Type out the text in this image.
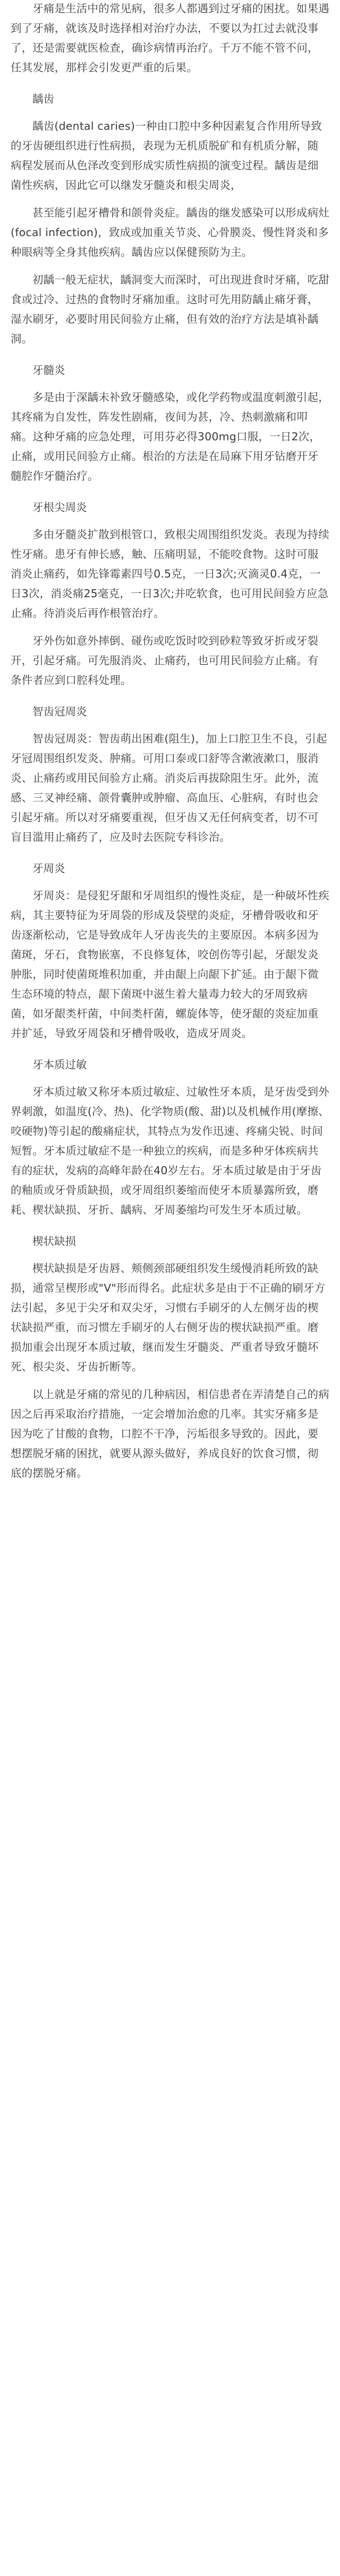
牙痛是生活中的常见病，很多人都遇到过牙痛的困扰。如果遇到了牙痛，就该及时选择相对治疗办法，不要以为扛过去就没事了，还是需要就医检查，确诊病情再治疗。千万不能不管不问，任其发展，那样会引发更严重的后果。

龋齿

龋齿(dental caries)一种由口腔中多种因素复合作用所导致的牙齿硬组织进行性病损，表现为无机质脱矿和有机质分解，随病程发展而从色泽改变到形成实质性病损的演变过程。龋齿是细菌性疾病，因此它可以继发牙髓炎和根尖周炎，

甚至能引起牙槽骨和颌骨炎症。龋齿的继发感染可以形成病灶(focal infection)，致成或加重关节炎、心骨膜炎、慢性肾炎和多种眼病等全身其他疾病。龋齿应以保健预防为主。

初龋一般无症状，龋洞变大而深时，可出现进食时牙痛，吃甜食或过冷、过热的食物时牙痛加重。这时可先用防龋止痛牙膏，湿水刷牙，必要时用民间验方止痛，但有效的治疗方法是填补龋洞。

牙髓炎

多是由于深龋未补致牙髓感染，或化学药物或温度刺激引起，其疼痛为自发性，阵发性剧痛，夜间为甚，冷、热刺激痛和叩痛。这种牙痛的应急处理，可用芬必得300mg口服，一日2次，止痛，或用民间验方止痛。根治的方法是在局麻下用牙钻磨开牙髓腔作牙髓治疗。

牙根尖周炎

多由牙髓炎扩散到根管口，致根尖周围组织发炎。表现为持续性牙痛。患牙有伸长感，触、压痛明显，不能咬食物。这时可服消炎止痛药，如先锋霉素四号0.5克，一日3次;灭滴灵0.4克，一日3次，消炎痛25毫克，一日3次;并吃软食，也可用民间验方应急止痛。待消炎后再作根管治疗。

牙外伤如意外摔倒、碰伤或吃饭时咬到砂粒等致牙折或牙裂开，引起牙痛。可先服消炎、止痛药，也可用民间验方止痛。有条件者应到口腔科处理。

智齿冠周炎

智齿冠周炎：智齿萌出困难(阻生)，加上口腔卫生不良，引起牙冠周围组织发炎、肿痛。可用口泰或口舒等含漱液漱口，服消炎、止痛药或用民间验方止痛。消炎后再拔除阻生牙。此外，流感、三叉神经痛、颌骨囊肿或肿瘤、高血压、心脏病，有时也会引起牙痛。所以对牙痛要重视，但牙齿又无任何病变者，切不可盲目滥用止痛药了，应及时去医院专科诊治。

牙周炎

牙周炎：是侵犯牙龈和牙周组织的慢性炎症，是一种破坏性疾病，其主要特征为牙周袋的形成及袋壁的炎症，牙槽骨吸收和牙齿逐渐松动，它是导致成年人牙齿丧失的主要原因。本病多因为菌斑，牙石，食物嵌塞，不良修复体，咬创伤等引起，牙龈发炎肿胀，同时使菌斑堆积加重，并由龈上向龈下扩延。由于龈下微生态环境的特点，龈下菌斑中滋生着大量毒力较大的牙周致病菌，如牙龈类杆菌，中间类杆菌，螺旋体等，使牙龈的炎症加重并扩延，导致牙周袋和牙槽骨吸收，造成牙周炎。

牙本质过敏

牙本质过敏又称牙本质过敏症、过敏性牙本质，是牙齿受到外界刺激，如温度(冷、热)、化学物质(酸、甜)以及机械作用(摩擦、咬硬物)等引起的酸痛症状，其特点为发作迅速、疼痛尖锐、时间短暂。牙本质过敏症不是一种独立的疾病，而是多种牙体疾病共有的症状，发病的高峰年龄在40岁左右。牙本质过敏是由于牙齿的釉质或牙骨质缺损，或牙周组织萎缩而使牙本质暴露所致，磨耗、楔状缺损、牙折、龋病、牙周萎缩均可发生牙本质过敏。

楔状缺损

楔状缺损是牙齿唇、颊侧颈部硬组织发生缓慢消耗所致的缺损，通常呈楔形或"V"形而得名。此症状多是由于不正确的刷牙方法引起，多见于尖牙和双尖牙，习惯右手刷牙的人左侧牙齿的楔状缺损严重，而习惯左手刷牙的人右侧牙齿的楔状缺损严重。磨损加重会出现牙本质过敏，继而发生牙髓炎、严重者导致牙髓坏死、根尖炎、牙齿折断等。

以上就是牙痛的常见的几种病因，相信患者在弄清楚自己的病因之后再采取治疗措施，一定会增加治愈的几率。其实牙痛多是因为吃了甘酸的食物，口腔不干净，污垢很多导致的。因此，要想摆脱牙痛的困扰，就要从源头做好，养成良好的饮食习惯，彻底的摆脱牙痛。
